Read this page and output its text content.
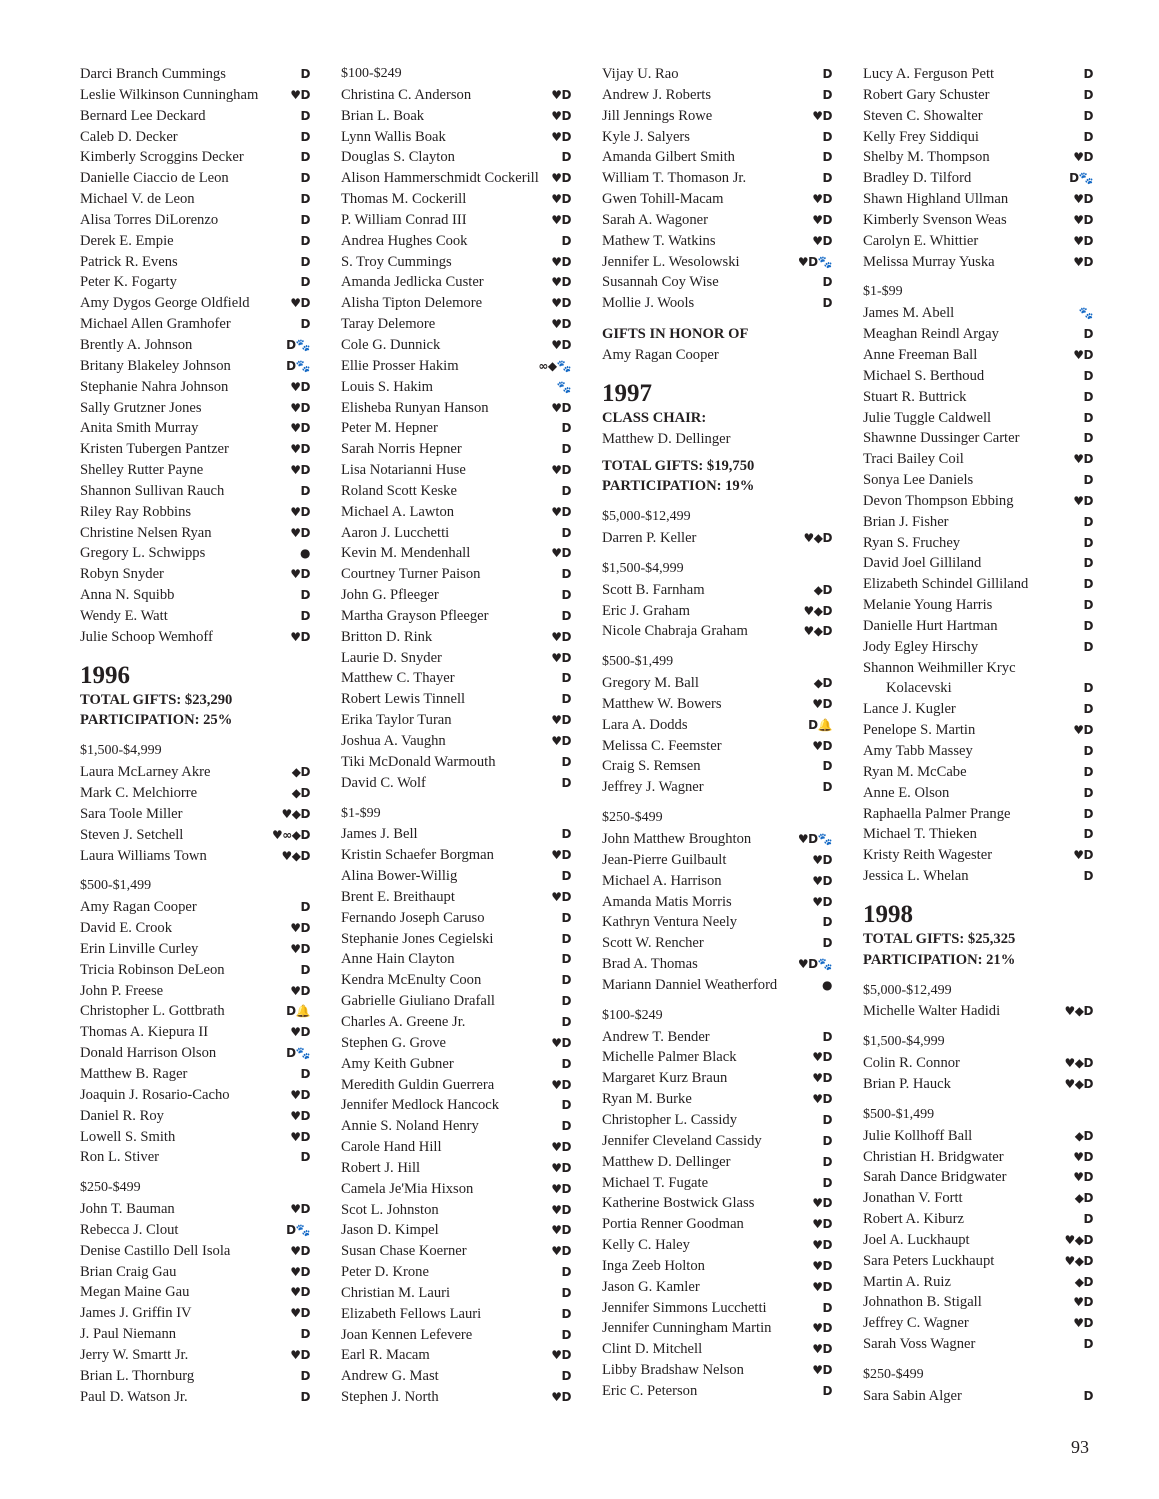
Darci Branch Cummings	D
Leslie Wilkinson Cunningham	♥D
Bernard Lee Deckard	D
Caleb D. Decker	D
Kimberly Scroggins Decker	D
Danielle Ciaccio de Leon	D
Michael V. de Leon	D
Alisa Torres DiLorenzo	D
Derek E. Empie	D
Patrick R. Evens	D
Peter K. Fogarty	D
Amy Dygos George Oldfield	♥D
Michael Allen Gramhofer	D
Brently A. Johnson	D🐾
Britany Blakeley Johnson	D🐾
Stephanie Nahra Johnson	♥D
Sally Grutzner Jones	♥D
Anita Smith Murray	♥D
Kristen Tubergen Pantzer	♥D
Shelley Rutter Payne	♥D
Shannon Sullivan Rauch	D
Riley Ray Robbins	♥D
Christine Nelsen Ryan	♥D
Gregory L. Schwipps	●
Robyn Snyder	♥D
Anna N. Squibb	D
Wendy E. Watt	D
Julie Schoop Wemhoff	♥D
1996
TOTAL GIFTS: $23,290
PARTICIPATION: 25%
$1,500-$4,999
Laura McLarney Akre	◆D
Mark C. Melchiorre	◆D
Sara Toole Miller	♥◆D
Steven J. Setchell	♥∞◆D
Laura Williams Town	♥◆D
$500-$1,499
Amy Ragan Cooper	D
David E. Crook	♥D
Erin Linville Curley	♥D
Tricia Robinson DeLeon	D
John P. Freese	♥D
Christopher L. Gottbrath	D🔔
Thomas A. Kiepura II	♥D
Donald Harrison Olson	D🐾
Matthew B. Rager	D
Joaquin J. Rosario-Cacho	♥D
Daniel R. Roy	♥D
Lowell S. Smith	♥D
Ron L. Stiver	D
$250-$499
John T. Bauman	♥D
Rebecca J. Clout	D🐾
Denise Castillo Dell Isola	♥D
Brian Craig Gau	♥D
Megan Maine Gau	♥D
James J. Griffin IV	♥D
J. Paul Niemann	D
Jerry W. Smartt Jr.	♥D
Brian L. Thornburg	D
Paul D. Watson Jr.	D
$100-$249
Christina C. Anderson	♥D
Brian L. Boak	♥D
Lynn Wallis Boak	♥D
Douglas S. Clayton	D
Alison Hammerschmidt Cockerill ♥D
Thomas M. Cockerill	♥D
P. William Conrad III	♥D
Andrea Hughes Cook	D
S. Troy Cummings	♥D
Amanda Jedlicka Custer	♥D
Alisha Tipton Delemore	♥D
Taray Delemore	♥D
Cole G. Dunnick	♥D
Ellie Prosser Hakim	∞◆🐾
Louis S. Hakim	🐾
Elisheba Runyan Hanson	♥D
Peter M. Hepner	D
Sarah Norris Hepner	D
Lisa Notarianni Huse	♥D
Roland Scott Keske	D
Michael A. Lawton	♥D
Aaron J. Lucchetti	D
Kevin M. Mendenhall	♥D
Courtney Turner Paison	D
John G. Pfleeger	D
Martha Grayson Pfleeger	D
Britton D. Rink	♥D
Laurie D. Snyder	♥D
Matthew C. Thayer	D
Robert Lewis Tinnell	D
Erika Taylor Turan	♥D
Joshua A. Vaughn	♥D
Tiki McDonald Warmouth	D
David C. Wolf	D
$1-$99
James J. Bell	D
Kristin Schaefer Borgman	♥D
Alina Bower-Willig	D
Brent E. Breithaupt	♥D
Fernando Joseph Caruso	D
Stephanie Jones Cegielski	D
Anne Hain Clayton	D
Kendra McEnulty Coon	D
Gabrielle Giuliano Drafall	D
Charles A. Greene Jr.	D
Stephen G. Grove	♥D
Amy Keith Gubner	D
Meredith Guldin Guerrera	♥D
Jennifer Medlock Hancock	D
Annie S. Noland Henry	D
Carole Hand Hill	♥D
Robert J. Hill	♥D
Camela Je'Mia Hixson	♥D
Scot L. Johnston	♥D
Jason D. Kimpel	♥D
Susan Chase Koerner	♥D
Peter D. Krone	D
Christian M. Lauri	D
Elizabeth Fellows Lauri	D
Joan Kennen Lefevere	D
Earl R. Macam	♥D
Andrew G. Mast	D
Stephen J. North	♥D
Vijay U. Rao	D
Andrew J. Roberts	D
Jill Jennings Rowe	♥D
Kyle J. Salyers	D
Amanda Gilbert Smith	D
William T. Thomason Jr.	D
Gwen Tohill-Macam	♥D
Sarah A. Wagoner	♥D
Mathew T. Watkins	♥D
Jennifer L. Wesolowski	♥D🐾
Susannah Coy Wise	D
Mollie J. Wools	D
GIFTS IN HONOR OF
Amy Ragan Cooper
1997
CLASS CHAIR:
Matthew D. Dellinger
TOTAL GIFTS: $19,750
PARTICIPATION: 19%
$5,000-$12,499
Darren P. Keller	♥◆D
$1,500-$4,999
Scott B. Farnham	◆D
Eric J. Graham	♥◆D
Nicole Chabraja Graham	♥◆D
$500-$1,499
Gregory M. Ball	◆D
Matthew W. Bowers	♥D
Lara A. Dodds	D🔔
Melissa C. Feemster	♥D
Craig S. Remsen	D
Jeffrey J. Wagner	D
$250-$499
John Matthew Broughton	♥D🐾
Jean-Pierre Guilbault	♥D
Michael A. Harrison	♥D
Amanda Matis Morris	♥D
Kathryn Ventura Neely	D
Scott W. Rencher	D
Brad A. Thomas	♥D🐾
Mariann Danniel Weatherford	●
$100-$249
Andrew T. Bender	D
Michelle Palmer Black	♥D
Margaret Kurz Braun	♥D
Ryan M. Burke	♥D
Christopher L. Cassidy	D
Jennifer Cleveland Cassidy	D
Matthew D. Dellinger	D
Michael T. Fugate	D
Katherine Bostwick Glass	♥D
Portia Renner Goodman	♥D
Kelly C. Haley	♥D
Inga Zeeb Holton	♥D
Jason G. Kamler	♥D
Jennifer Simmons Lucchetti	D
Jennifer Cunningham Martin	♥D
Clint D. Mitchell	♥D
Libby Bradshaw Nelson	♥D
Eric C. Peterson	D
Lucy A. Ferguson Pett	D
Robert Gary Schuster	D
Steven C. Showalter	D
Kelly Frey Siddiqui	D
Shelby M. Thompson	♥D
Bradley D. Tilford	D🐾
Shawn Highland Ullman	♥D
Kimberly Svenson Weas	♥D
Carolyn E. Whittier	♥D
Melissa Murray Yuska	♥D
$1-$99
James M. Abell	🐾
Meaghan Reindl Argay	D
Anne Freeman Ball	♥D
Michael S. Berthoud	D
Stuart R. Buttrick	D
Julie Tuggle Caldwell	D
Shawnne Dussinger Carter	D
Traci Bailey Coil	♥D
Sonya Lee Daniels	D
Devon Thompson Ebbing	♥D
Brian J. Fisher	D
Ryan S. Fruchey	D
David Joel Gilliland	D
Elizabeth Schindel Gilliland	D
Melanie Young Harris	D
Danielle Hurt Hartman	D
Jody Egley Hirschy	D
Shannon Weihmiller Kryc
Kolacevski	D
Lance J. Kugler	D
Penelope S. Martin	♥D
Amy Tabb Massey	D
Ryan M. McCabe	D
Anne E. Olson	D
Raphaella Palmer Prange	D
Michael T. Thieken	D
Kristy Reith Wagester	♥D
Jessica L. Whelan	D
1998
TOTAL GIFTS: $25,325
PARTICIPATION: 21%
$5,000-$12,499
Michelle Walter Hadidi	♥◆D
$1,500-$4,999
Colin R. Connor	♥◆D
Brian P. Hauck	♥◆D
$500-$1,499
Julie Kollhoff Ball	◆D
Christian H. Bridgwater	♥D
Sarah Dance Bridgwater	♥D
Jonathan V. Fortt	◆D
Robert A. Kiburz	D
Joel A. Luckhaupt	♥◆D
Sara Peters Luckhaupt	♥◆D
Martin A. Ruiz	◆D
Johnathon B. Stigall	♥D
Jeffrey C. Wagner	♥D
Sarah Voss Wagner	D
$250-$499
Sara Sabin Alger	D
93
